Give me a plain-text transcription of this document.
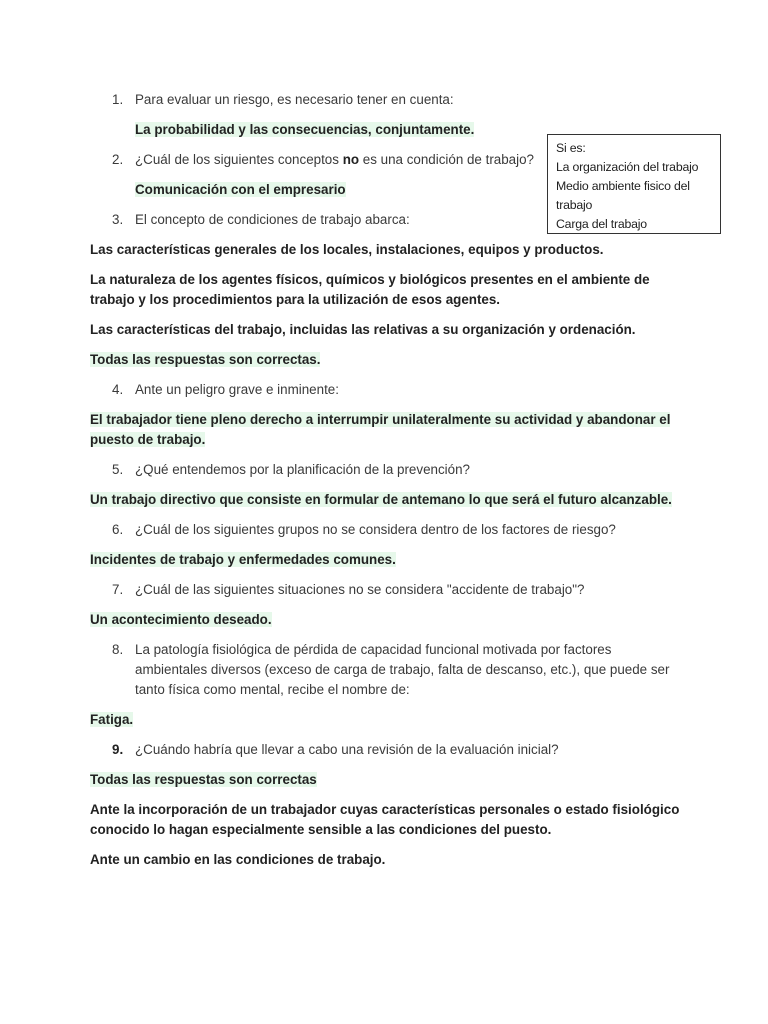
1. Para evaluar un riesgo, es necesario tener en cuenta:
La probabilidad y las consecuencias, conjuntamente.
2. ¿Cuál de los siguientes conceptos no es una condición de trabajo?
Comunicación con el empresario
3. El concepto de condiciones de trabajo abarca:
Las características generales de los locales, instalaciones, equipos y productos.
La naturaleza de los agentes físicos, químicos y biológicos presentes en el ambiente de trabajo y los procedimientos para la utilización de esos agentes.
Las características del trabajo, incluidas las relativas a su organización y ordenación.
Todas las respuestas son correctas.
4. Ante un peligro grave e inminente:
El trabajador tiene pleno derecho a interrumpir unilateralmente su actividad y abandonar el puesto de trabajo.
5. ¿Qué entendemos por la planificación de la prevención?
Un trabajo directivo que consiste en formular de antemano lo que será el futuro alcanzable.
6. ¿Cuál de los siguientes grupos no se considera dentro de los factores de riesgo?
Incidentes de trabajo y enfermedades comunes.
7. ¿Cuál de las siguientes situaciones no se considera "accidente de trabajo"?
Un acontecimiento deseado.
8. La patología fisiológica de pérdida de capacidad funcional motivada por factores ambientales diversos (exceso de carga de trabajo, falta de descanso, etc.), que puede ser tanto física como mental, recibe el nombre de:
Fatiga.
9. ¿Cuándo habría que llevar a cabo una revisión de la evaluación inicial?
Todas las respuestas son correctas
Ante la incorporación de un trabajador cuyas características personales o estado fisiológico conocido lo hagan especialmente sensible a las condiciones del puesto.
Ante un cambio en las condiciones de trabajo.
Si es:
La organización del trabajo
Medio ambiente fisico del
trabajo
Carga del trabajo
